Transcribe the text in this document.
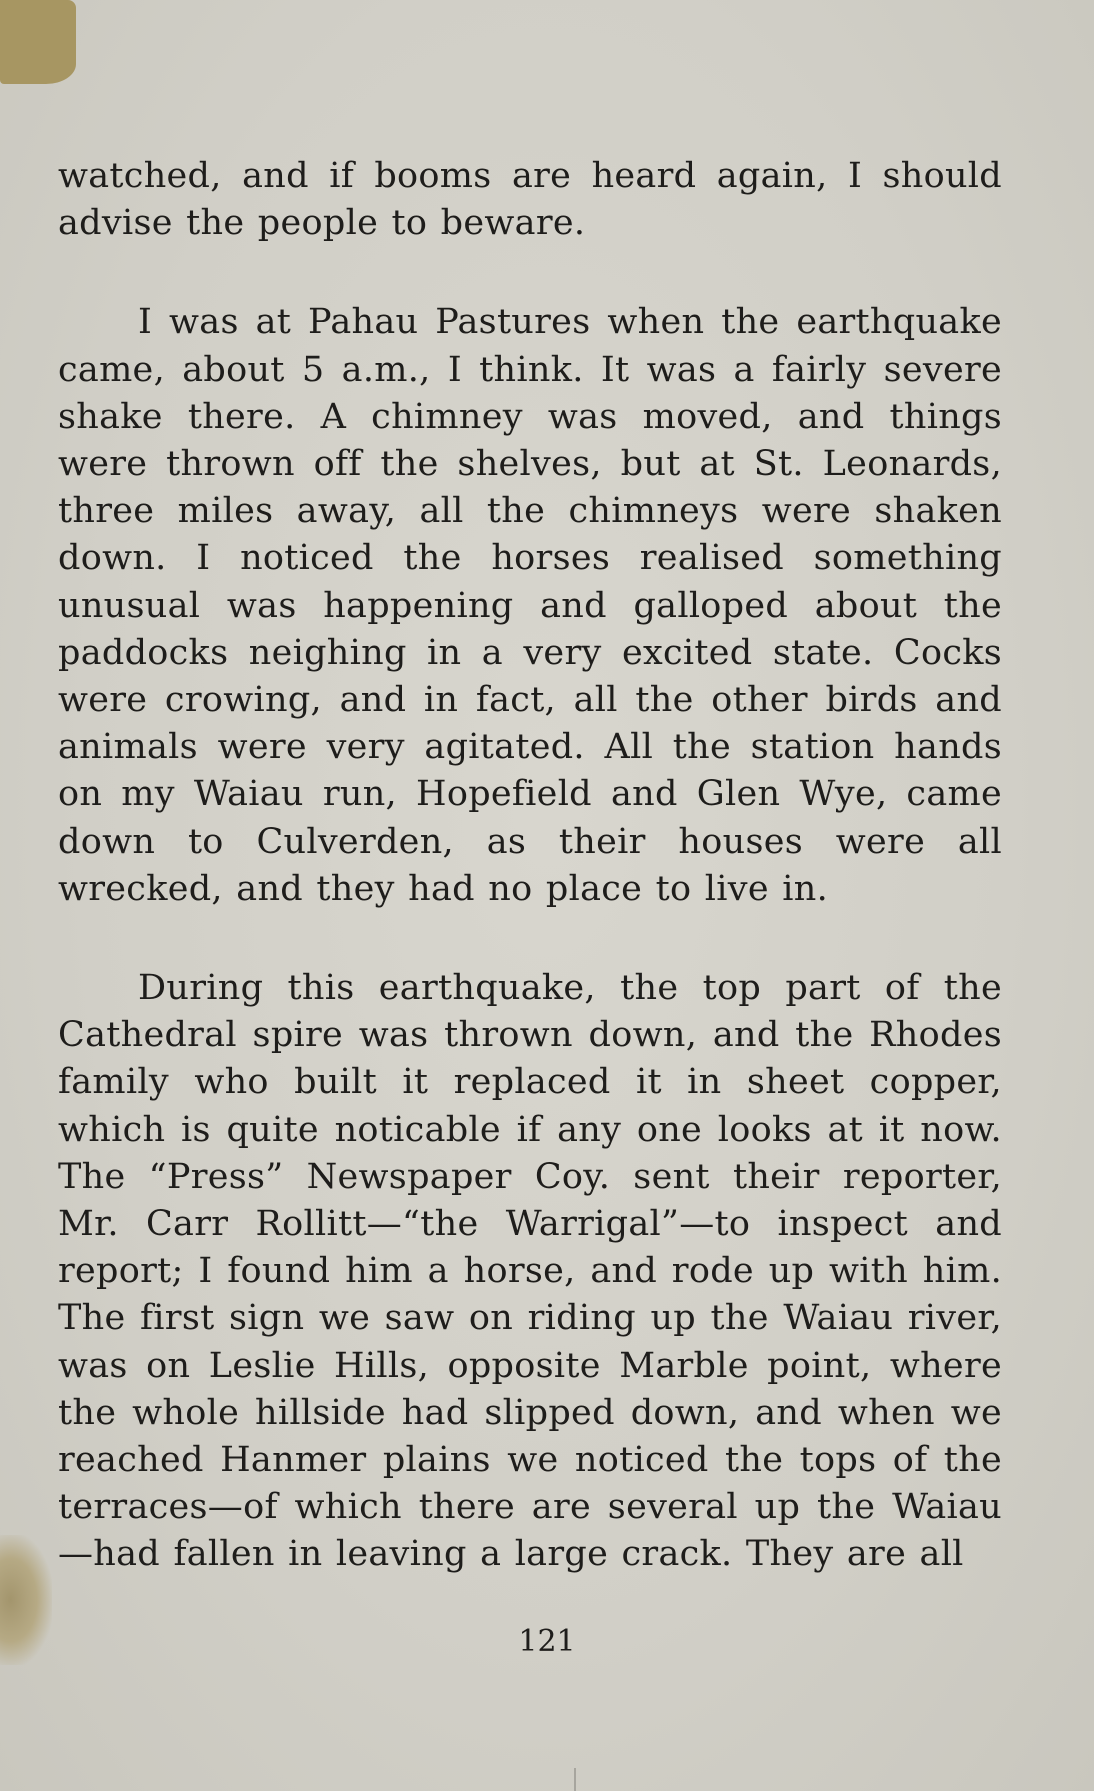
watched, and if booms are heard again, I should advise the people to beware.

I was at Pahau Pastures when the earthquake came, about 5 a.m., I think. It was a fairly severe shake there. A chimney was moved, and things were thrown off the shelves, but at St. Leonards, three miles away, all the chimneys were shaken down. I noticed the horses realised something unusual was happening and galloped about the paddocks neighing in a very excited state. Cocks were crowing, and in fact, all the other birds and animals were very agitated. All the station hands on my Waiau run, Hopefield and Glen Wye, came down to Culverden, as their houses were all wrecked, and they had no place to live in.

During this earthquake, the top part of the Cathedral spire was thrown down, and the Rhodes family who built it replaced it in sheet copper, which is quite noticable if any one looks at it now. The “Press” Newspaper Coy. sent their reporter, Mr. Carr Rollitt—“the Warrigal”—to inspect and report; I found him a horse, and rode up with him. The first sign we saw on riding up the Waiau river, was on Leslie Hills, opposite Marble point, where the whole hillside had slipped down, and when we reached Hanmer plains we noticed the tops of the terraces—of which there are several up the Waiau—had fallen in leaving a large crack. They are all

121
